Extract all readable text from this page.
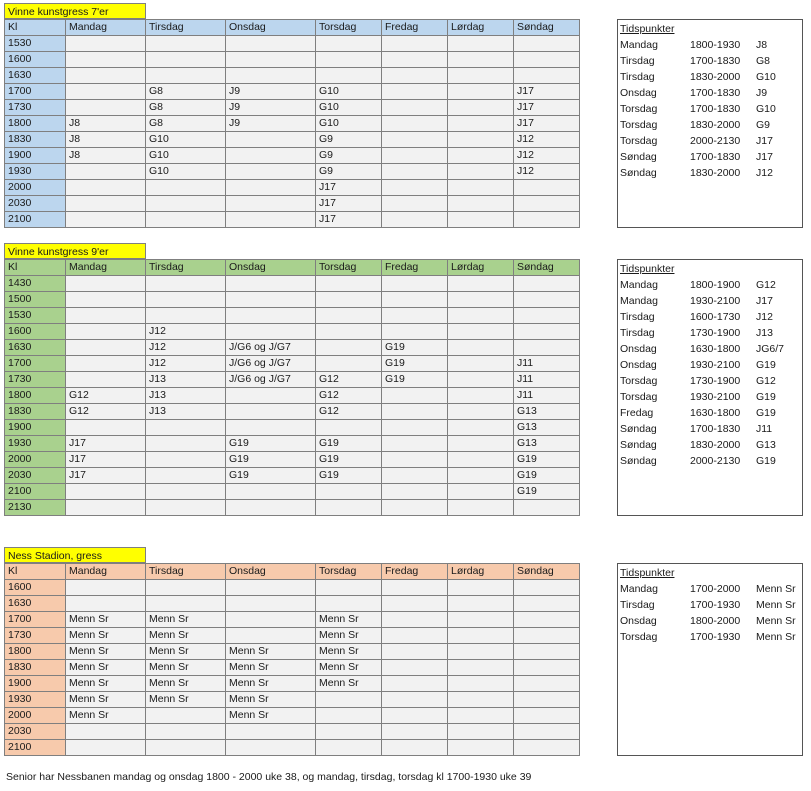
Vinne kunstgress 7'er
Kl	Mandag	Tirsdag	Onsdag	Torsdag	Fredag	Lørdag	Søndag
1530							
1600							
1630							
1700		G8	J9	G10			J17
1730		G8	J9	G10			J17
1800	J8	G8	J9	G10			J17
1830	J8	G10		G9			J12
1900	J8	G10		G9			J12
1930		G10		G9			J12
2000				J17			
2030				J17			
2100				J17			
Tidspunkter
Mandag	1800-1930	J8
Tirsdag	1700-1830	G8
Tirsdag	1830-2000	G10
Onsdag	1700-1830	J9
Torsdag	1700-1830	G10
Torsdag	1830-2000	G9
Torsdag	2000-2130	J17
Søndag	1700-1830	J17
Søndag	1830-2000	J12
Vinne kunstgress 9'er
Kl	Mandag	Tirsdag	Onsdag	Torsdag	Fredag	Lørdag	Søndag
1430							
1500							
1530							
1600		J12					
1630		J12	J/G6 og J/G7		G19		
1700		J12	J/G6 og J/G7		G19		J11
1730		J13	J/G6 og J/G7	G12	G19		J11
1800	G12	J13		G12			J11
1830	G12	J13		G12			G13
1900							G13
1930	J17		G19	G19			G13
2000	J17		G19	G19			G19
2030	J17		G19	G19			G19
2100							G19
2130							
Tidspunkter
Mandag	1800-1900	G12
Mandag	1930-2100	J17
Tirsdag	1600-1730	J12
Tirsdag	1730-1900	J13
Onsdag	1630-1800	JG6/7
Onsdag	1930-2100	G19
Torsdag	1730-1900	G12
Torsdag	1930-2100	G19
Fredag	1630-1800	G19
Søndag	1700-1830	J11
Søndag	1830-2000	G13
Søndag	2000-2130	G19
Ness Stadion, gress
Kl	Mandag	Tirsdag	Onsdag	Torsdag	Fredag	Lørdag	Søndag
1600							
1630							
1700	Menn Sr	Menn Sr		Menn Sr			
1730	Menn Sr	Menn Sr		Menn Sr			
1800	Menn Sr	Menn Sr	Menn Sr	Menn Sr			
1830	Menn Sr	Menn Sr	Menn Sr	Menn Sr			
1900	Menn Sr	Menn Sr	Menn Sr	Menn Sr			
1930	Menn Sr	Menn Sr	Menn Sr				
2000	Menn Sr		Menn Sr				
2030							
2100							
Tidspunkter
Mandag	1700-2000	Menn Sr
Tirsdag	1700-1930	Menn Sr
Onsdag	1800-2000	Menn Sr
Torsdag	1700-1930	Menn Sr
Senior har Nessbanen mandag og onsdag 1800 - 2000 uke 38, og mandag, tirsdag, torsdag kl 1700-1930 uke 39
